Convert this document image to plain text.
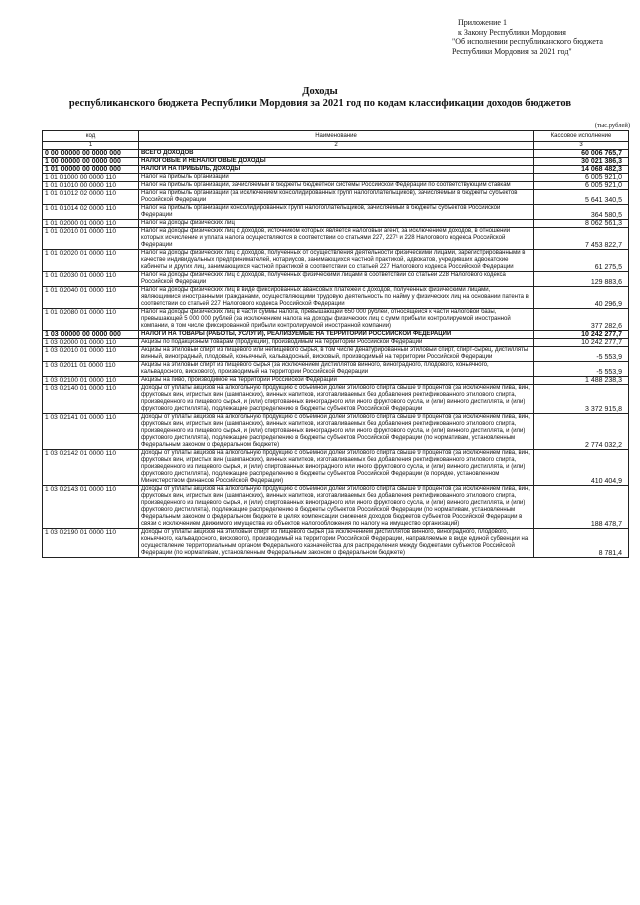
Приложение 1
к Закону Республики Мордовия
"Об исполнении республиканского бюджета
Республики Мордовия за 2021 год"
Доходы
республиканского бюджета Республики Мордовия за 2021 год по кодам классификации доходов бюджетов
(тыс.рублей)
код	Наименование	Кассовое исполнение
1	2	3
0 00 00000 00 0000 000	ВСЕГО ДОХОДОВ	60 006 765,7
1 00 00000 00 0000 000	НАЛОГОВЫЕ И НЕНАЛОГОВЫЕ ДОХОДЫ	30 021 386,3
1 01 00000 00 0000 000	НАЛОГИ НА ПРИБЫЛЬ, ДОХОДЫ	14 068 482,3
1 01 01000 00 0000 110	Налог на прибыль организаций	6 005 921,0
1 01 01010 00 0000 110	Налог на прибыль организаций, зачисляемый в бюджеты бюджетной системы Российской Федерации по соответствующим ставкам	6 005 921,0
1 01 01012 02 0000 110	Налог на прибыль организаций (за исключением консолидированных групп налогоплательщиков), зачисляемый в бюджеты субъектов Российской Федерации	5 641 340,5
1 01 01014 02 0000 110	Налог на прибыль организаций консолидированных групп налогоплательщиков, зачисляемый в бюджеты субъектов Российской Федерации	364 580,5
1 01 02000 01 0000 110	Налог на доходы физических лиц	8 062 561,3
1 01 02010 01 0000 110	Налог на доходы физических лиц с доходов, источником которых является налоговый агент, за исключением доходов, в отношении которых исчисление и уплата налога осуществляются в соответствии со статьями 227, 227¹ и 228 Налогового кодекса Российской Федерации	7 453 822,7
1 01 02020 01 0000 110	Налог на доходы физических лиц с доходов, полученных от осуществления деятельности физическими лицами, зарегистрированными в качестве индивидуальных предпринимателей, нотариусов, занимающихся частной практикой, адвокатов, учредивших адвокатские кабинеты и других лиц, занимающихся частной практикой в соответствии со статьей 227 Налогового кодекса Российской Федерации	61 275,5
1 01 02030 01 0000 110	Налог на доходы физических лиц с доходов, полученных физическими лицами в соответствии со статьей 228 Налогового кодекса Российской Федерации	129 883,6
1 01 02040 01 0000 110	Налог на доходы физических лиц в виде фиксированных авансовых платежей с доходов, полученных физическими лицами, являющимися иностранными гражданами, осуществляющими трудовую деятельность по найму у физических лиц на основании патента в соответствии со статьей 227 Налогового кодекса Российской Федерации	40 296,9
1 01 02080 01 0000 110	Налог на доходы физических лиц в части суммы налога, превышающей 650 000 рублей, относящейся к части налоговой базы, превышающей 5 000 000 рублей (за исключением налога на доходы физических лиц с сумм прибыли контролируемой иностранной компании, в том числе фиксированной прибыли контролируемой иностранной компании)	377 282,6
1 03 00000 00 0000 000	НАЛОГИ НА ТОВАРЫ (РАБОТЫ, УСЛУГИ), РЕАЛИЗУЕМЫЕ НА ТЕРРИТОРИИ РОССИЙСКОЙ ФЕДЕРАЦИИ	10 242 277,7
1 03 02000 01 0000 110	Акцизы по подакцизным товарам (продукции), производимым на территории Российской Федерации	10 242 277,7
1 03 02010 01 0000 110	Акцизы на этиловый спирт из пищевого или непищевого сырья, в том числе денатурированный этиловый спирт, спирт-сырец, дистилляты винный, виноградный, плодовый, коньячный, кальвадосный, висковый, производимый на территории Российской Федерации	-5 553,9
1 03 02011 01 0000 110	Акцизы на этиловый спирт из пищевого сырья (за исключением дистиллятов винного, виноградного, плодового, коньячного, кальвадосного, вискового), производимый на территории Российской Федерации	-5 553,9
1 03 02100 01 0000 110	Акцизы на пиво, производимое на территории Российской Федерации	1 488 238,3
1 03 02140 01 0000 110	Доходы от уплаты акцизов на алкогольную продукцию с объемной долей этилового спирта свыше 9 процентов (за исключением пива, вин, фруктовых вин, игристых вин (шампанских), винных напитков, изготавливаемых без добавления ректификованного этилового спирта, произведенного из пищевого сырья, и (или) спиртованных виноградного или иного фруктового сусла, и (или) винного дистиллята, и (или) фруктового дистиллята), подлежащие распределению в бюджеты субъектов Российской Федерации	3 372 915,8
1 03 02141 01 0000 110	Доходы от уплаты акцизов на алкогольную продукцию с объемной долей этилового спирта свыше 9 процентов (за исключением пива, вин, фруктовых вин, игристых вин (шампанских), винных напитков, изготавливаемых без добавления ректификованного этилового спирта, произведенного из пищевого сырья, и (или) спиртованных виноградного или иного фруктового сусла, и (или) винного дистиллята, и (или) фруктового дистиллята), подлежащие распределению в бюджеты субъектов Российской Федерации (по нормативам, установленным Федеральным законом о федеральном бюджете)	2 774 032,2
1 03 02142 01 0000 110	Доходы от уплаты акцизов на алкогольную продукцию с объемной долей этилового спирта свыше 9 процентов (за исключением пива, вин, фруктовых вин, игристых вин (шампанских), винных напитков, изготавливаемых без добавления ректификованного этилового спирта, произведенного из пищевого сырья, и (или) спиртованных виноградного или иного фруктового сусла, и (или) винного дистиллята, и (или) фруктового дистиллята), подлежащие распределению в бюджеты субъектов Российской Федерации (в порядке, установленном Министерством финансов Российской Федерации)	410 404,9
1 03 02143 01 0000 110	Доходы от уплаты акцизов на алкогольную продукцию с объемной долей этилового спирта свыше 9 процентов (за исключением пива, вин, фруктовых вин, игристых вин (шампанских), винных напитков, изготавливаемых без добавления ректификованного этилового спирта, произведенного из пищевого сырья, и (или) спиртованных виноградного или иного фруктового сусла, и (или) винного дистиллята, и (или) фруктового дистиллята), подлежащие распределению в бюджеты субъектов Российской Федерации (по нормативам, установленным Федеральным законом о федеральном бюджете в целях компенсации снижения доходов бюджетов субъектов Российской Федерации в связи с исключением движимого имущества из объектов налогообложения по налогу на имущество организаций)	188 478,7
1 03 02190 01 0000 110	Доходы от уплаты акцизов на этиловый спирт из пищевого сырья (за исключением дистиллятов винного, виноградного, плодового, коньячного, кальвадосного, вискового), производимый на территории Российской Федерации, направляемые в виде единой субвенции на осуществление территориальным органом Федерального казначейства для распределения между бюджетами субъектов Российской Федерации (по нормативам, установленным Федеральным законом о федеральном бюджете)	8 781,4
